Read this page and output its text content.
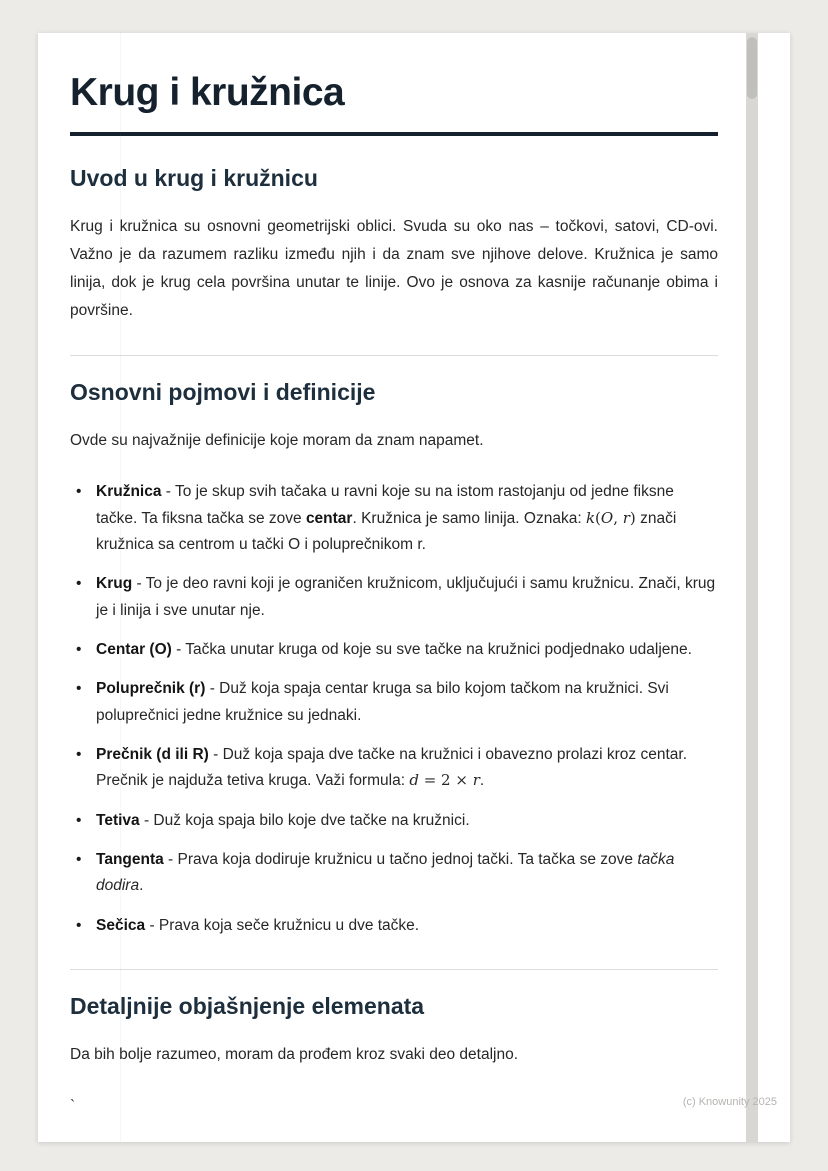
Krug i kružnica
Uvod u krug i kružnicu

Krug i kružnica su osnovni geometrijski oblici. Svuda su oko nas – točkovi, satovi, CD-ovi. Važno je da razumem razliku između njih i da znam sve njihove delove. Kružnica je samo linija, dok je krug cela površina unutar te linije. Ovo je osnova za kasnije računanje obima i površine.

Osnovni pojmovi i definicije

Ovde su najvažnije definicije koje moram da znam napamet.

• Kružnica - To je skup svih tačaka u ravni koje su na istom rastojanju od jedne fiksne tačke. Ta fiksna tačka se zove centar. Kružnica je samo linija. Oznaka: k(O, r) znači kružnica sa centrom u tački O i poluprečnikom r.
• Krug - To je deo ravni koji je ograničen kružnicom, uključujući i samu kružnicu. Znači, krug je i linija i sve unutar nje.
• Centar (O) - Tačka unutar kruga od koje su sve tačke na kružnici podjednako udaljene.
• Poluprečnik (r) - Duž koja spaja centar kruga sa bilo kojom tačkom na kružnici. Svi poluprečnici jedne kružnice su jednaki.
• Prečnik (d ili R) - Duž koja spaja dve tačke na kružnici i obavezno prolazi kroz centar. Prečnik je najduža tetiva kruga. Važi formula: d = 2 × r.
• Tetiva - Duž koja spaja bilo koje dve tačke na kružnici.
• Tangenta - Prava koja dodiruje kružnicu u tačno jednoj tački. Ta tačka se zove tačka dodira.
• Sečica - Prava koja seče kružnicu u dve tačke.
Detaljnije objašnjenje elemenata

Da bih bolje razumeo, moram da prođem kroz svaki deo detaljno.

`	(c) Knowunity 2025
